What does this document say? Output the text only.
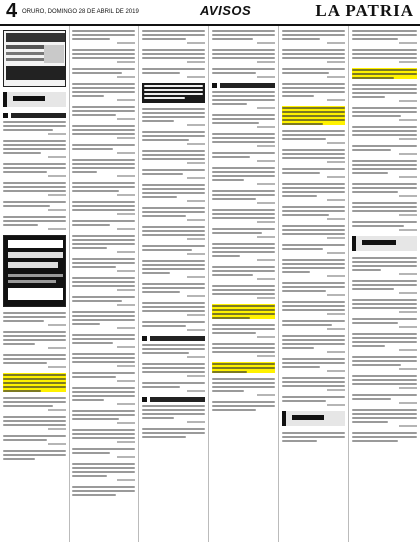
4 ORURO, DOMINGO 28 DE ABRIL DE 2019	AVISOS	LA PATRIA
